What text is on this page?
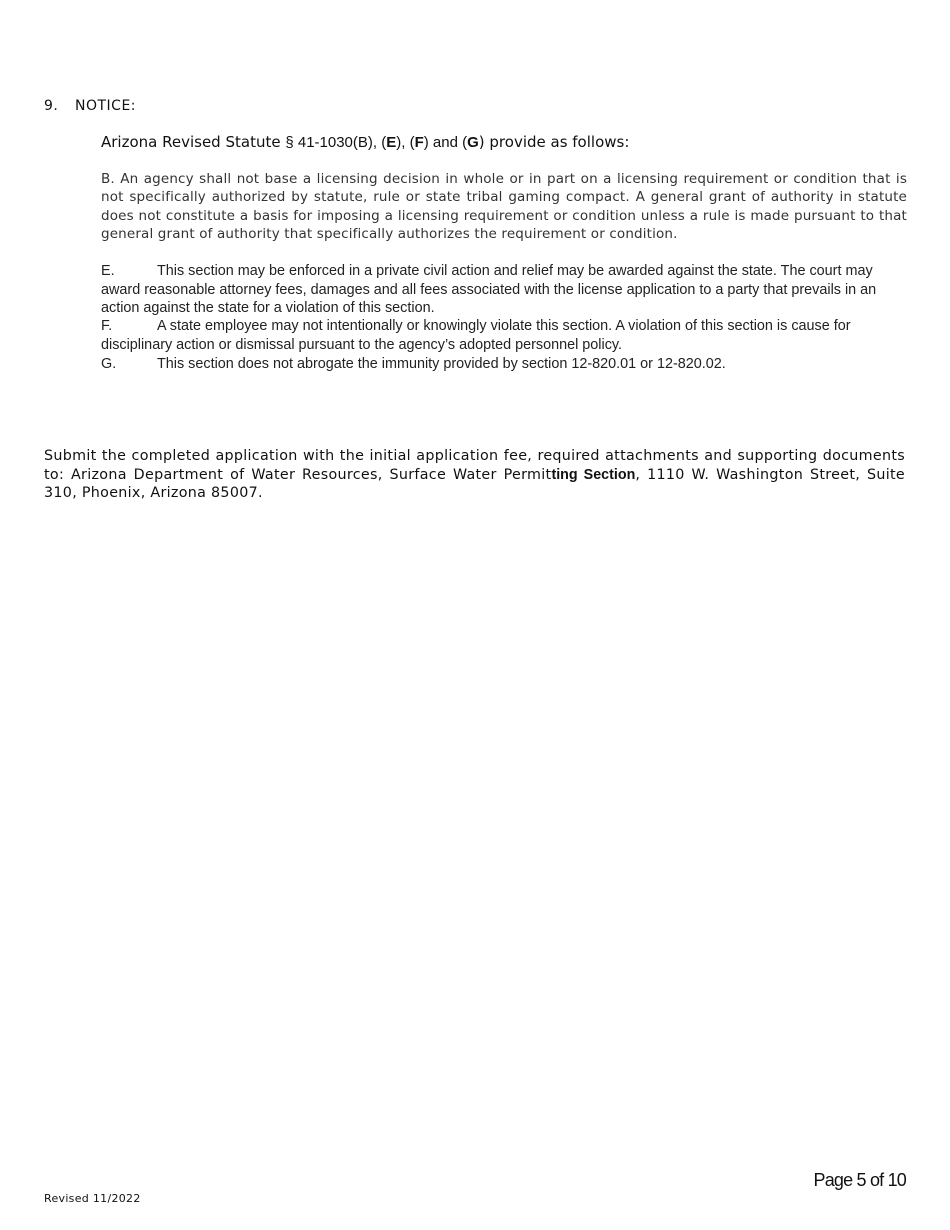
9. NOTICE:
Arizona Revised Statute § 41-1030(B), (E), (F) and (G) provide as follows:
B. An agency shall not base a licensing decision in whole or in part on a licensing requirement or condition that is not specifically authorized by statute, rule or state tribal gaming compact. A general grant of authority in statute does not constitute a basis for imposing a licensing requirement or condition unless a rule is made pursuant to that general grant of authority that specifically authorizes the requirement or condition.
E.	This section may be enforced in a private civil action and relief may be awarded against the state. The court may award reasonable attorney fees, damages and all fees associated with the license application to a party that prevails in an action against the state for a violation of this section.
F.	A state employee may not intentionally or knowingly violate this section. A violation of this section is cause for disciplinary action or dismissal pursuant to the agency’s adopted personnel policy.
G.	This section does not abrogate the immunity provided by section 12-820.01 or 12-820.02.
Submit the completed application with the initial application fee, required attachments and supporting documents to: Arizona Department of Water Resources, Surface Water Permitting Section, 1110 W. Washington Street, Suite 310, Phoenix, Arizona 85007.
Page 5 of 10
Revised 11/2022
